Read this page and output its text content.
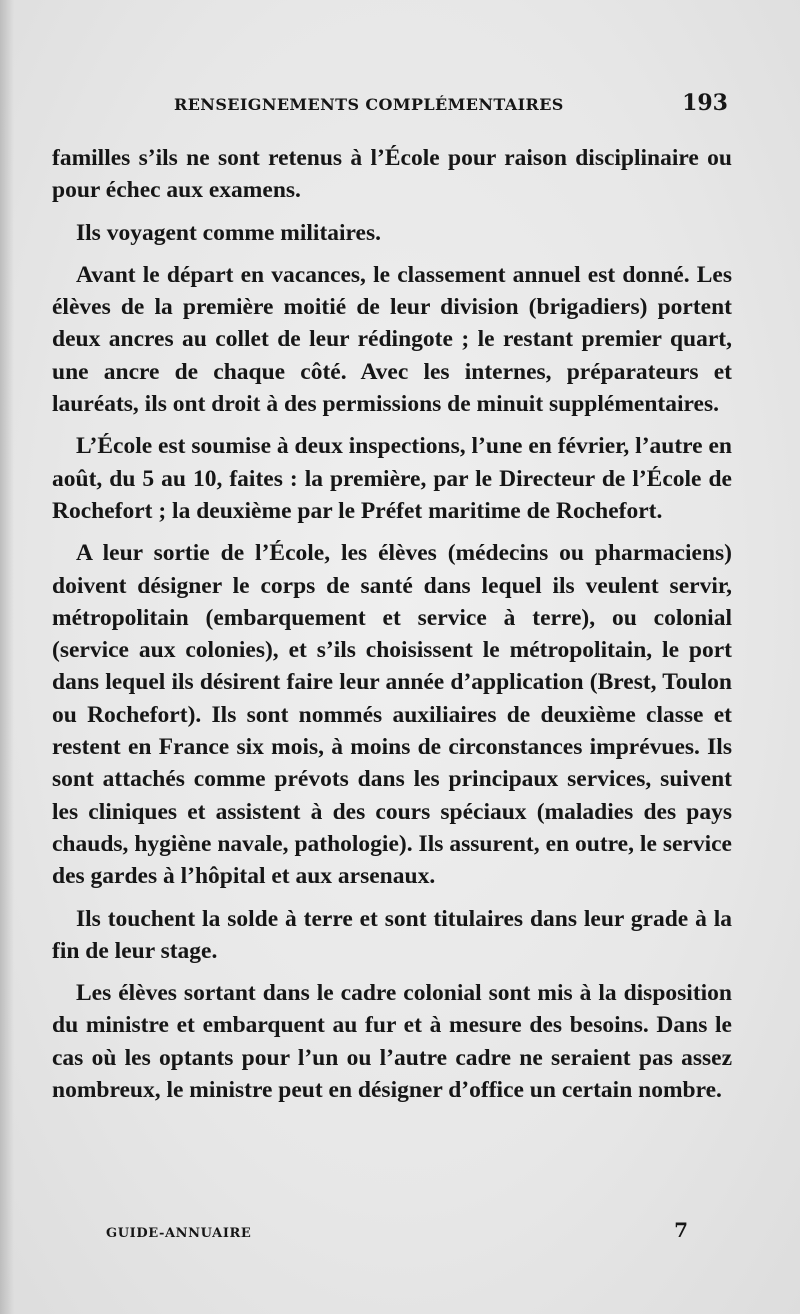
RENSEIGNEMENTS COMPLÉMENTAIRES	193

familles s’ils ne sont retenus à l’École pour raison disciplinaire ou pour échec aux examens.

Ils voyagent comme militaires.

Avant le départ en vacances, le classement annuel est donné. Les élèves de la première moitié de leur division (brigadiers) portent deux ancres au collet de leur rédingote ; le restant premier quart, une ancre de chaque côté. Avec les internes, préparateurs et lauréats, ils ont droit à des permissions de minuit supplémentaires.

L’École est soumise à deux inspections, l’une en février, l’autre en août, du 5 au 10, faites : la première, par le Directeur de l’École de Rochefort ; la deuxième par le Préfet maritime de Rochefort.

A leur sortie de l’École, les élèves (médecins ou pharmaciens) doivent désigner le corps de santé dans lequel ils veulent servir, métropolitain (embarquement et service à terre), ou colonial (service aux colonies), et s’ils choisissent le métropolitain, le port dans lequel ils désirent faire leur année d’application (Brest, Toulon ou Rochefort). Ils sont nommés auxiliaires de deuxième classe et restent en France six mois, à moins de circonstances imprévues. Ils sont attachés comme prévots dans les principaux services, suivent les cliniques et assistent à des cours spéciaux (maladies des pays chauds, hygiène navale, pathologie). Ils assurent, en outre, le service des gardes à l’hôpital et aux arsenaux.

Ils touchent la solde à terre et sont titulaires dans leur grade à la fin de leur stage.

Les élèves sortant dans le cadre colonial sont mis à la disposition du ministre et embarquent au fur et à mesure des besoins. Dans le cas où les optants pour l’un ou l’autre cadre ne seraient pas assez nombreux, le ministre peut en désigner d’office un certain nombre.

GUIDE-ANNUAIRE	7
